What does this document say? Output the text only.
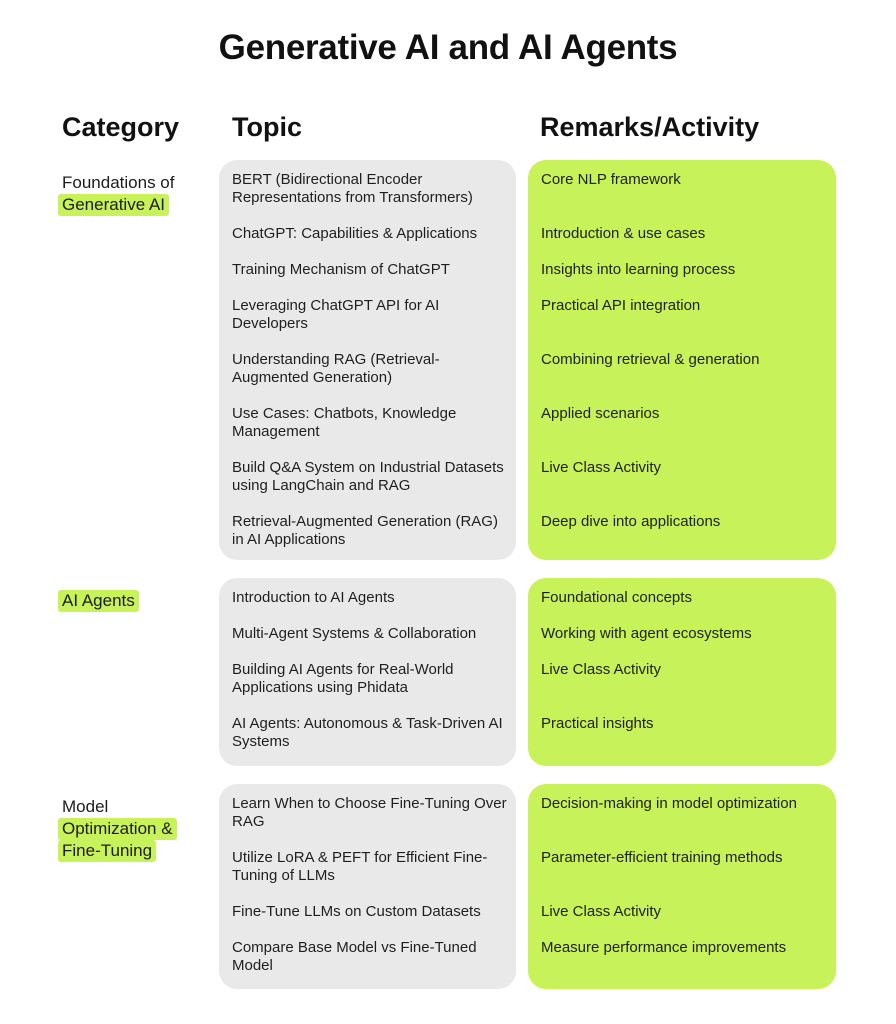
Generative AI and AI Agents
Category Topic	Remarks/Activity
Foundations of
Generative AI
BERT (Bidirectional Encoder Representations from Transformers)
ChatGPT: Capabilities & Applications
Training Mechanism of ChatGPT
Leveraging ChatGPT API for AI Developers
Understanding RAG (Retrieval-Augmented Generation)
Use Cases: Chatbots, Knowledge Management
Build Q&A System on Industrial Datasets using LangChain and RAG
Retrieval-Augmented Generation (RAG) in AI Applications
Core NLP framework
Introduction & use cases
Insights into learning process
Practical API integration
Combining retrieval & generation
Applied scenarios
Live Class Activity
Deep dive into applications
AI Agents	Introduction to AI Agents
Multi-Agent Systems & Collaboration
Building AI Agents for Real-World Applications using Phidata
AI Agents: Autonomous & Task-Driven AI Systems
Foundational concepts
Working with agent ecosystems
Live Class Activity
Practical insights
Model
Optimization &
Fine-Tuning
Learn When to Choose Fine-Tuning Over RAG
Utilize LoRA & PEFT for Efficient Fine-Tuning of LLMs
Fine-Tune LLMs on Custom Datasets
Compare Base Model vs Fine-Tuned Model
Decision-making in model optimization
Parameter-efficient training methods
Live Class Activity
Measure performance improvements
